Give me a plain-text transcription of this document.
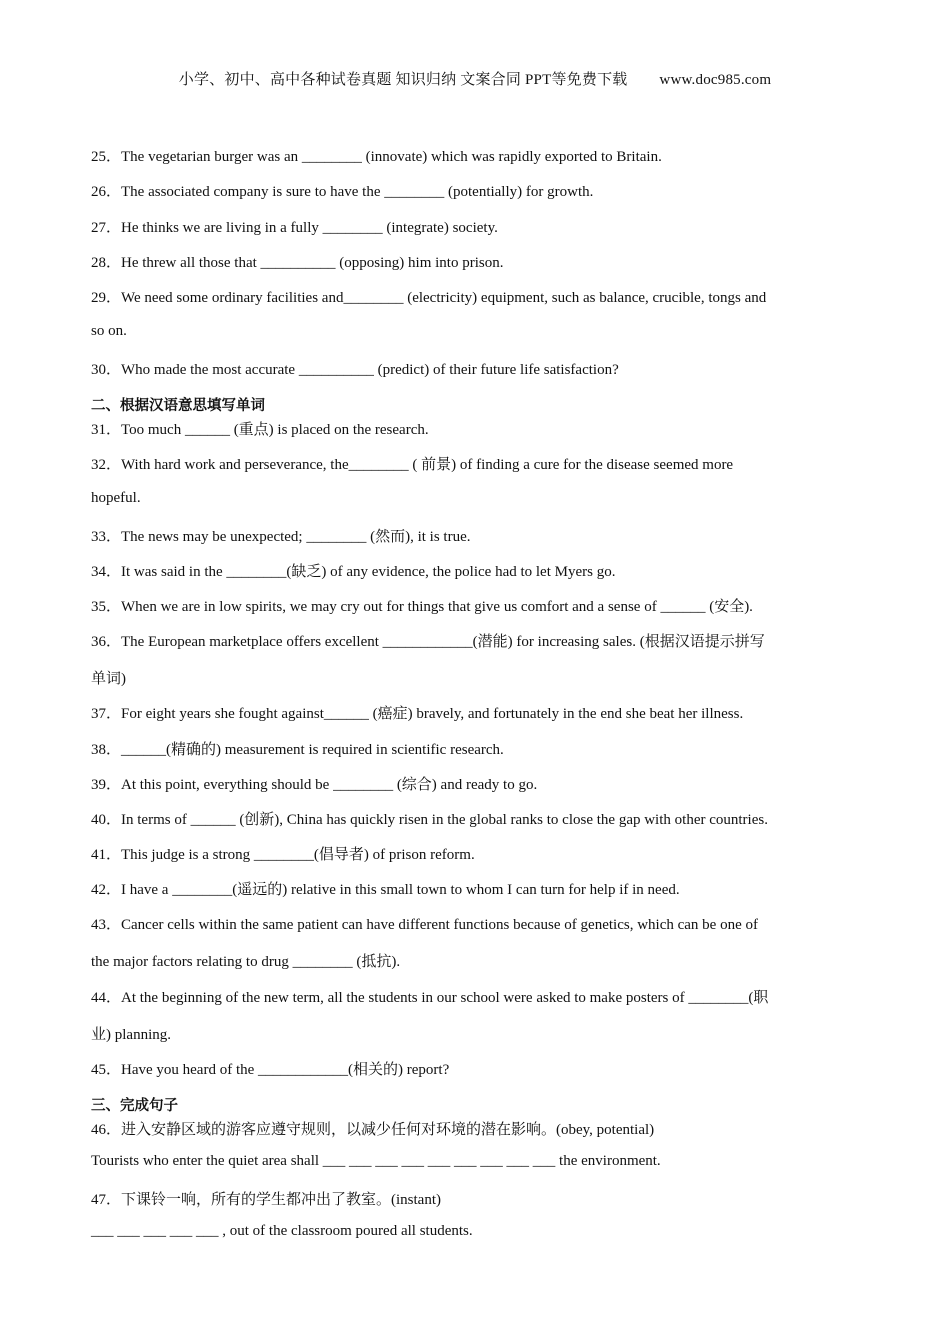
小学、初中、高中各种试卷真题 知识归纳 文案合同 PPT等免费下载 www.doc985.com
25．The vegetarian burger was an ________ (innovate) which was rapidly exported to Britain.
26．The associated company is sure to have the ________ (potentially) for growth.
27．He thinks we are living in a fully ________ (integrate) society.
28．He threw all those that __________ (opposing) him into prison.
29．We need some ordinary facilities and________ (electricity) equipment, such as balance, crucible, tongs and
so on.
30．Who made the most accurate __________ (predict) of their future life satisfaction?
二、根据汉语意思填写单词
31．Too much ______ (重点) is placed on the research.
32．With hard work and perseverance, the________ ( 前景) of finding a cure for the disease seemed more
hopeful.
33．The news may be unexpected; ________ (然而), it is true.
34．It was said in the ________(缺乏) of any evidence, the police had to let Myers go.
35．When we are in low spirits, we may cry out for things that give us comfort and a sense of ______ (安全).
36．The European marketplace offers excellent ____________(潜能) for increasing sales. (根据汉语提示拼写
单词)
37．For eight years she fought against______ (癌症) bravely, and fortunately in the end she beat her illness.
38．______(精确的) measurement is required in scientific research.
39．At this point, everything should be ________ (综合) and ready to go.
40．In terms of ______ (创新), China has quickly risen in the global ranks to close the gap with other countries.
41．This judge is a strong ________(倡导者) of prison reform.
42．I have a ________(遥远的) relative in this small town to whom I can turn for help if in need.
43．Cancer cells within the same patient can have different functions because of genetics, which can be one of
the major factors relating to drug ________ (抵抗).
44．At the beginning of the new term, all the students in our school were asked to make posters of ________(职
业) planning.
45．Have you heard of the ____________(相关的) report?
三、完成句子
46．进入安静区域的游客应遵守规则，以减少任何对环境的潜在影响。(obey, potential)
Tourists who enter the quiet area shall ___ ___ ___ ___ ___ ___ ___ ___ ___ the environment.
47．下课铃一响，所有的学生都冲出了教室。(instant)
___ ___ ___ ___ ___ , out of the classroom poured all students.
